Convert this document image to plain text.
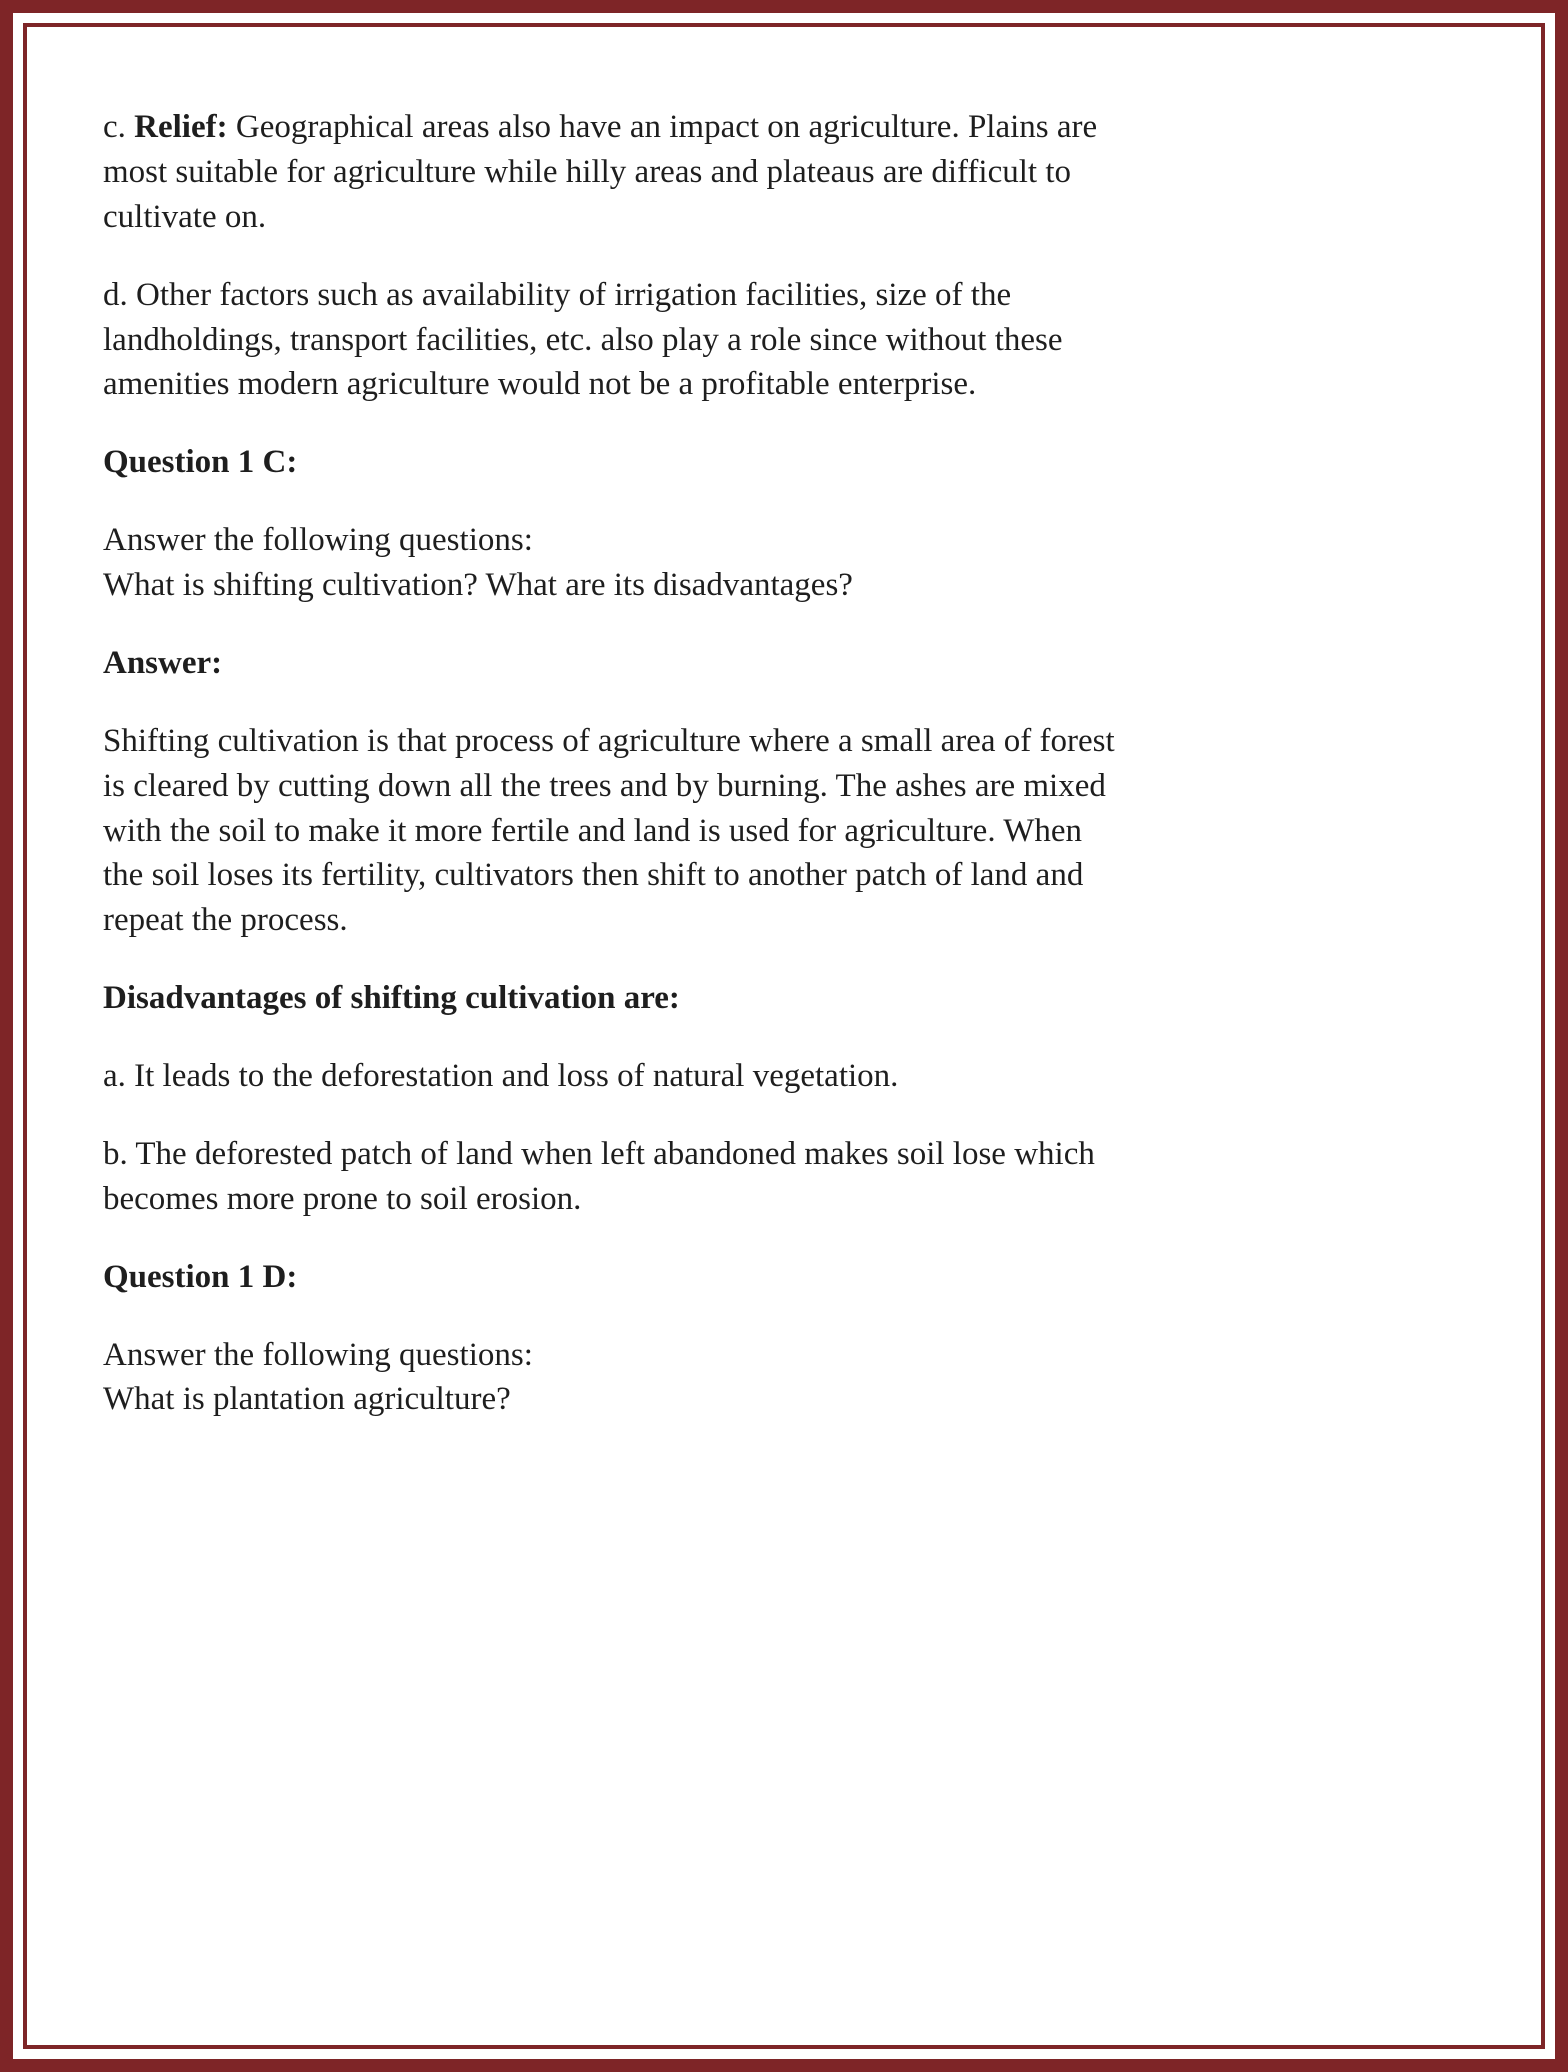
c. Relief: Geographical areas also have an impact on agriculture. Plains are most suitable for agriculture while hilly areas and plateaus are difficult to cultivate on.

d. Other factors such as availability of irrigation facilities, size of the landholdings, transport facilities, etc. also play a role since without these amenities modern agriculture would not be a profitable enterprise.

Question 1 C:

Answer the following questions:
What is shifting cultivation? What are its disadvantages?

Answer:

Shifting cultivation is that process of agriculture where a small area of forest is cleared by cutting down all the trees and by burning. The ashes are mixed with the soil to make it more fertile and land is used for agriculture. When the soil loses its fertility, cultivators then shift to another patch of land and repeat the process.

Disadvantages of shifting cultivation are:

a. It leads to the deforestation and loss of natural vegetation.

b. The deforested patch of land when left abandoned makes soil lose which becomes more prone to soil erosion.

Question 1 D:

Answer the following questions:
What is plantation agriculture?
